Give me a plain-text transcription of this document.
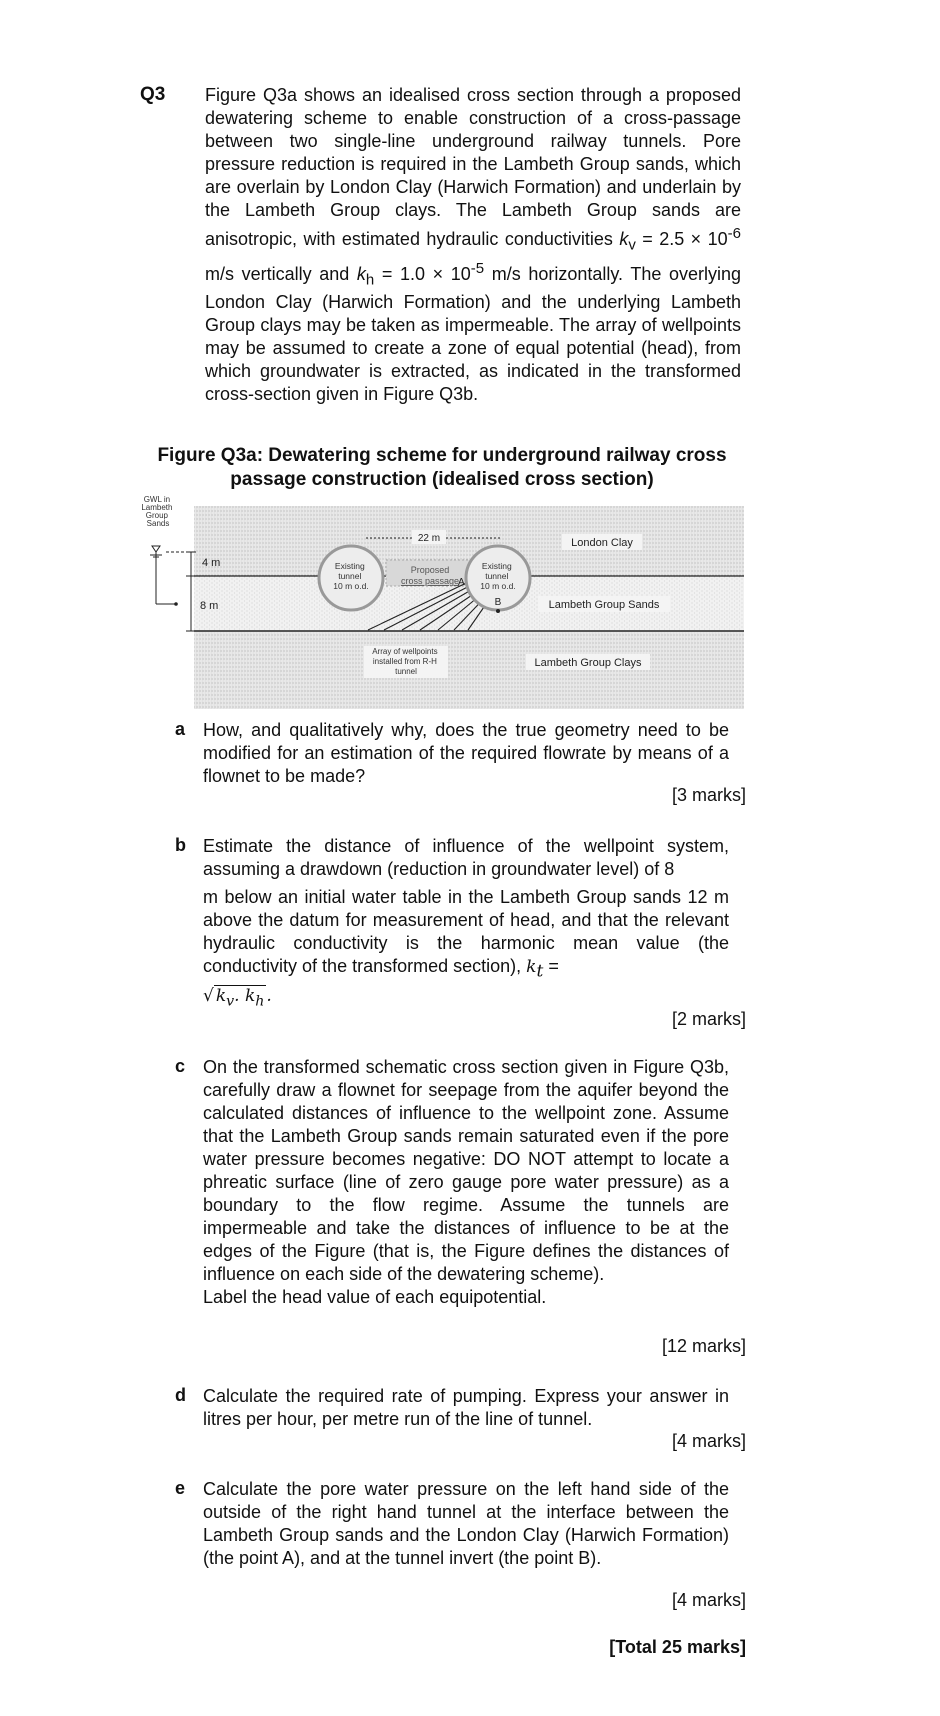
Q3 Figure Q3a shows an idealised cross section through a proposed dewatering scheme to enable construction of a cross-passage between two single-line underground railway tunnels. Pore pressure reduction is required in the Lambeth Group sands, which are overlain by London Clay (Harwich Formation) and underlain by the Lambeth Group clays. The Lambeth Group sands are anisotropic, with estimated hydraulic conductivities $k_v = 2.5 \times 10^{-6}$ m/s vertically and $k_h = 1.0 \times 10^{-5}$ m/s horizontally. The overlying London Clay (Harwich Formation) and the underlying Lambeth Group clays may be taken as impermeable. The array of wellpoints may be assumed to create a zone of equal potential (head), from which groundwater is extracted, as indicated in the transformed cross-section given in Figure Q3b.
Figure Q3a: Dewatering scheme for underground railway cross
passage construction (idealised cross section)
GWL in Lambeth Group Sands
4 m
8 m
22 m	London Clay
Lambeth Group Sands
Lambeth Group Clays
Proposed
cross passage
Existing tunnel 10 m o.d.
Existing tunnel 10 m o.d.
A
B
Array of wellpoints installed from R-H tunnel
a How, and qualitatively why, does the true geometry need to be modified for an estimation of the required flowrate by means of a flownet to be made?
[3 marks]
b Estimate the distance of influence of the wellpoint system, assuming a drawdown (reduction in groundwater level) of 8
m below an initial water table in the Lambeth Group sands 12 m above the datum for measurement of head, and that the relevant hydraulic conductivity is the harmonic mean value (the conductivity of the transformed section), $k_t$ =
√ $k_v$. $k_h$ .
[2 marks]
c On the transformed schematic cross section given in Figure Q3b, carefully draw a flownet for seepage from the aquifer beyond the calculated distances of influence to the wellpoint zone. Assume that the Lambeth Group sands remain saturated even if the pore water pressure becomes negative: DO NOT attempt to locate a phreatic surface (line of zero gauge pore water pressure) as a boundary to the flow regime. Assume the tunnels are impermeable and take the distances of influence to be at the edges of the Figure (that is, the Figure defines the distances of influence on each side of the dewatering scheme).
Label the head value of each equipotential.
[12 marks]
d Calculate the required rate of pumping. Express your answer in litres per hour, per metre run of the line of tunnel.
[4 marks]
e Calculate the pore water pressure on the left hand side of the outside of the right hand tunnel at the interface between the Lambeth Group sands and the London Clay (Harwich Formation) (the point A), and at the tunnel invert (the point B).
[4 marks]
[Total 25 marks]
